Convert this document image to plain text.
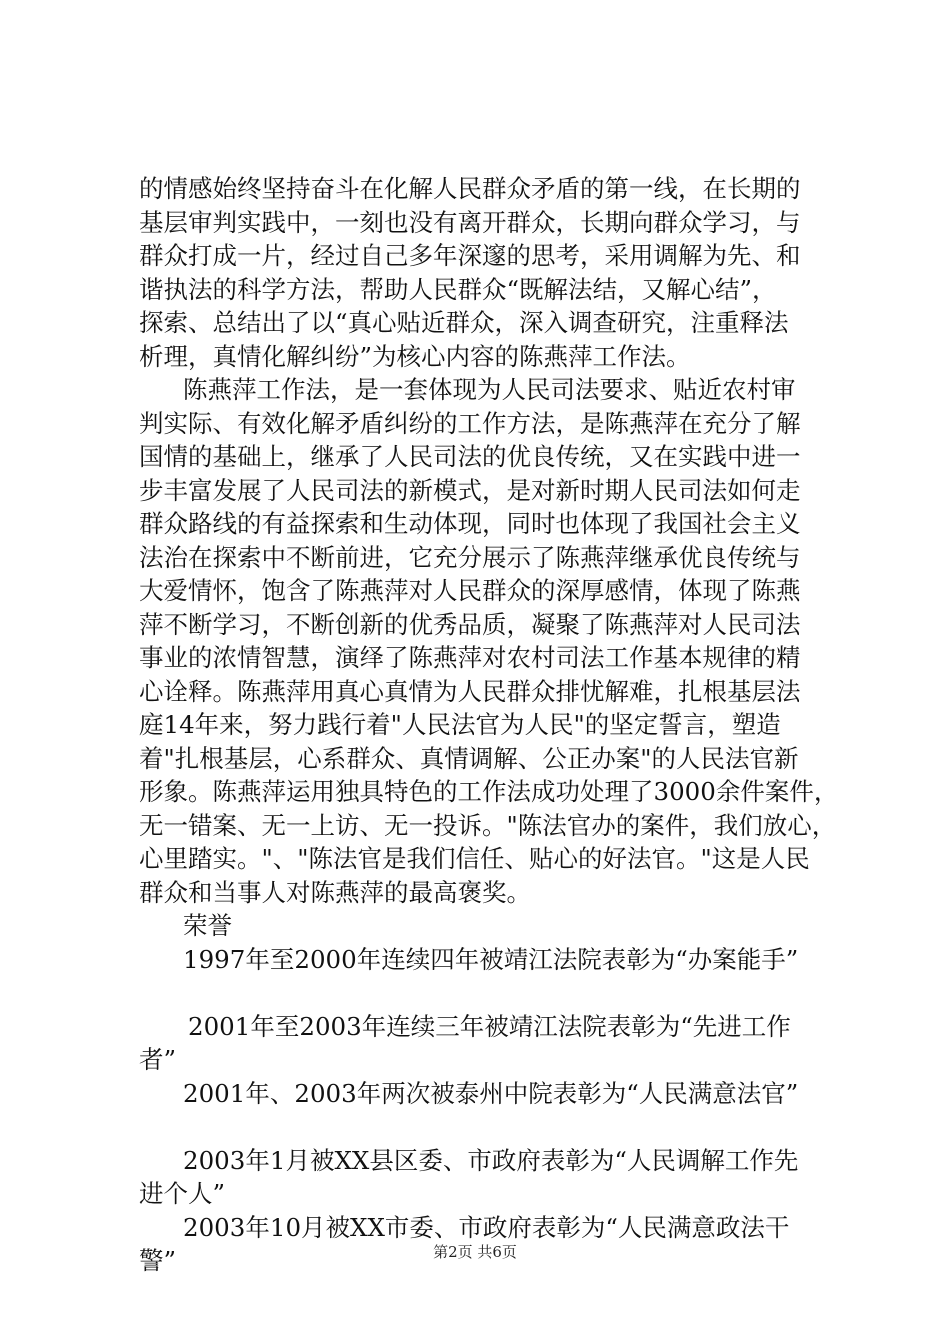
的情感始终坚持奋斗在化解人民群众矛盾的第一线，在长期的
基层审判实践中，一刻也没有离开群众，长期向群众学习，与
群众打成一片，经过自己多年深邃的思考，采用调解为先、和
谐执法的科学方法，帮助人民群众“既解法结，又解心结”，
探索、总结出了以“真心贴近群众，深入调查研究，注重释法
析理，真情化解纠纷”为核心内容的陈燕萍工作法。
陈燕萍工作法，是一套体现为人民司法要求、贴近农村审
判实际、有效化解矛盾纠纷的工作方法，是陈燕萍在充分了解
国情的基础上，继承了人民司法的优良传统，又在实践中进一
步丰富发展了人民司法的新模式，是对新时期人民司法如何走
群众路线的有益探索和生动体现，同时也体现了我国社会主义
法治在探索中不断前进，它充分展示了陈燕萍继承优良传统与
大爱情怀，饱含了陈燕萍对人民群众的深厚感情，体现了陈燕
萍不断学习，不断创新的优秀品质，凝聚了陈燕萍对人民司法
事业的浓情智慧，演绎了陈燕萍对农村司法工作基本规律的精
心诠释。陈燕萍用真心真情为人民群众排忧解难，扎根基层法
庭14年来，努力践行着"人民法官为人民"的坚定誓言，塑造
着"扎根基层，心系群众、真情调解、公正办案"的人民法官新
形象。陈燕萍运用独具特色的工作法成功处理了3000余件案件，
无一错案、无一上访、无一投诉。"陈法官办的案件，我们放心，
心里踏实。"、"陈法官是我们信任、贴心的好法官。"这是人民
群众和当事人对陈燕萍的最高褒奖。
荣誉
1997年至2000年连续四年被靖江法院表彰为“办案能手”
2001年至2003年连续三年被靖江法院表彰为“先进工作
者”
2001年、2003年两次被泰州中院表彰为“人民满意法官”
2003年1月被XX县区委、市政府表彰为“人民调解工作先
进个人”
2003年10月被XX市委、市政府表彰为“人民满意政法干
警”	第2页 共6页
